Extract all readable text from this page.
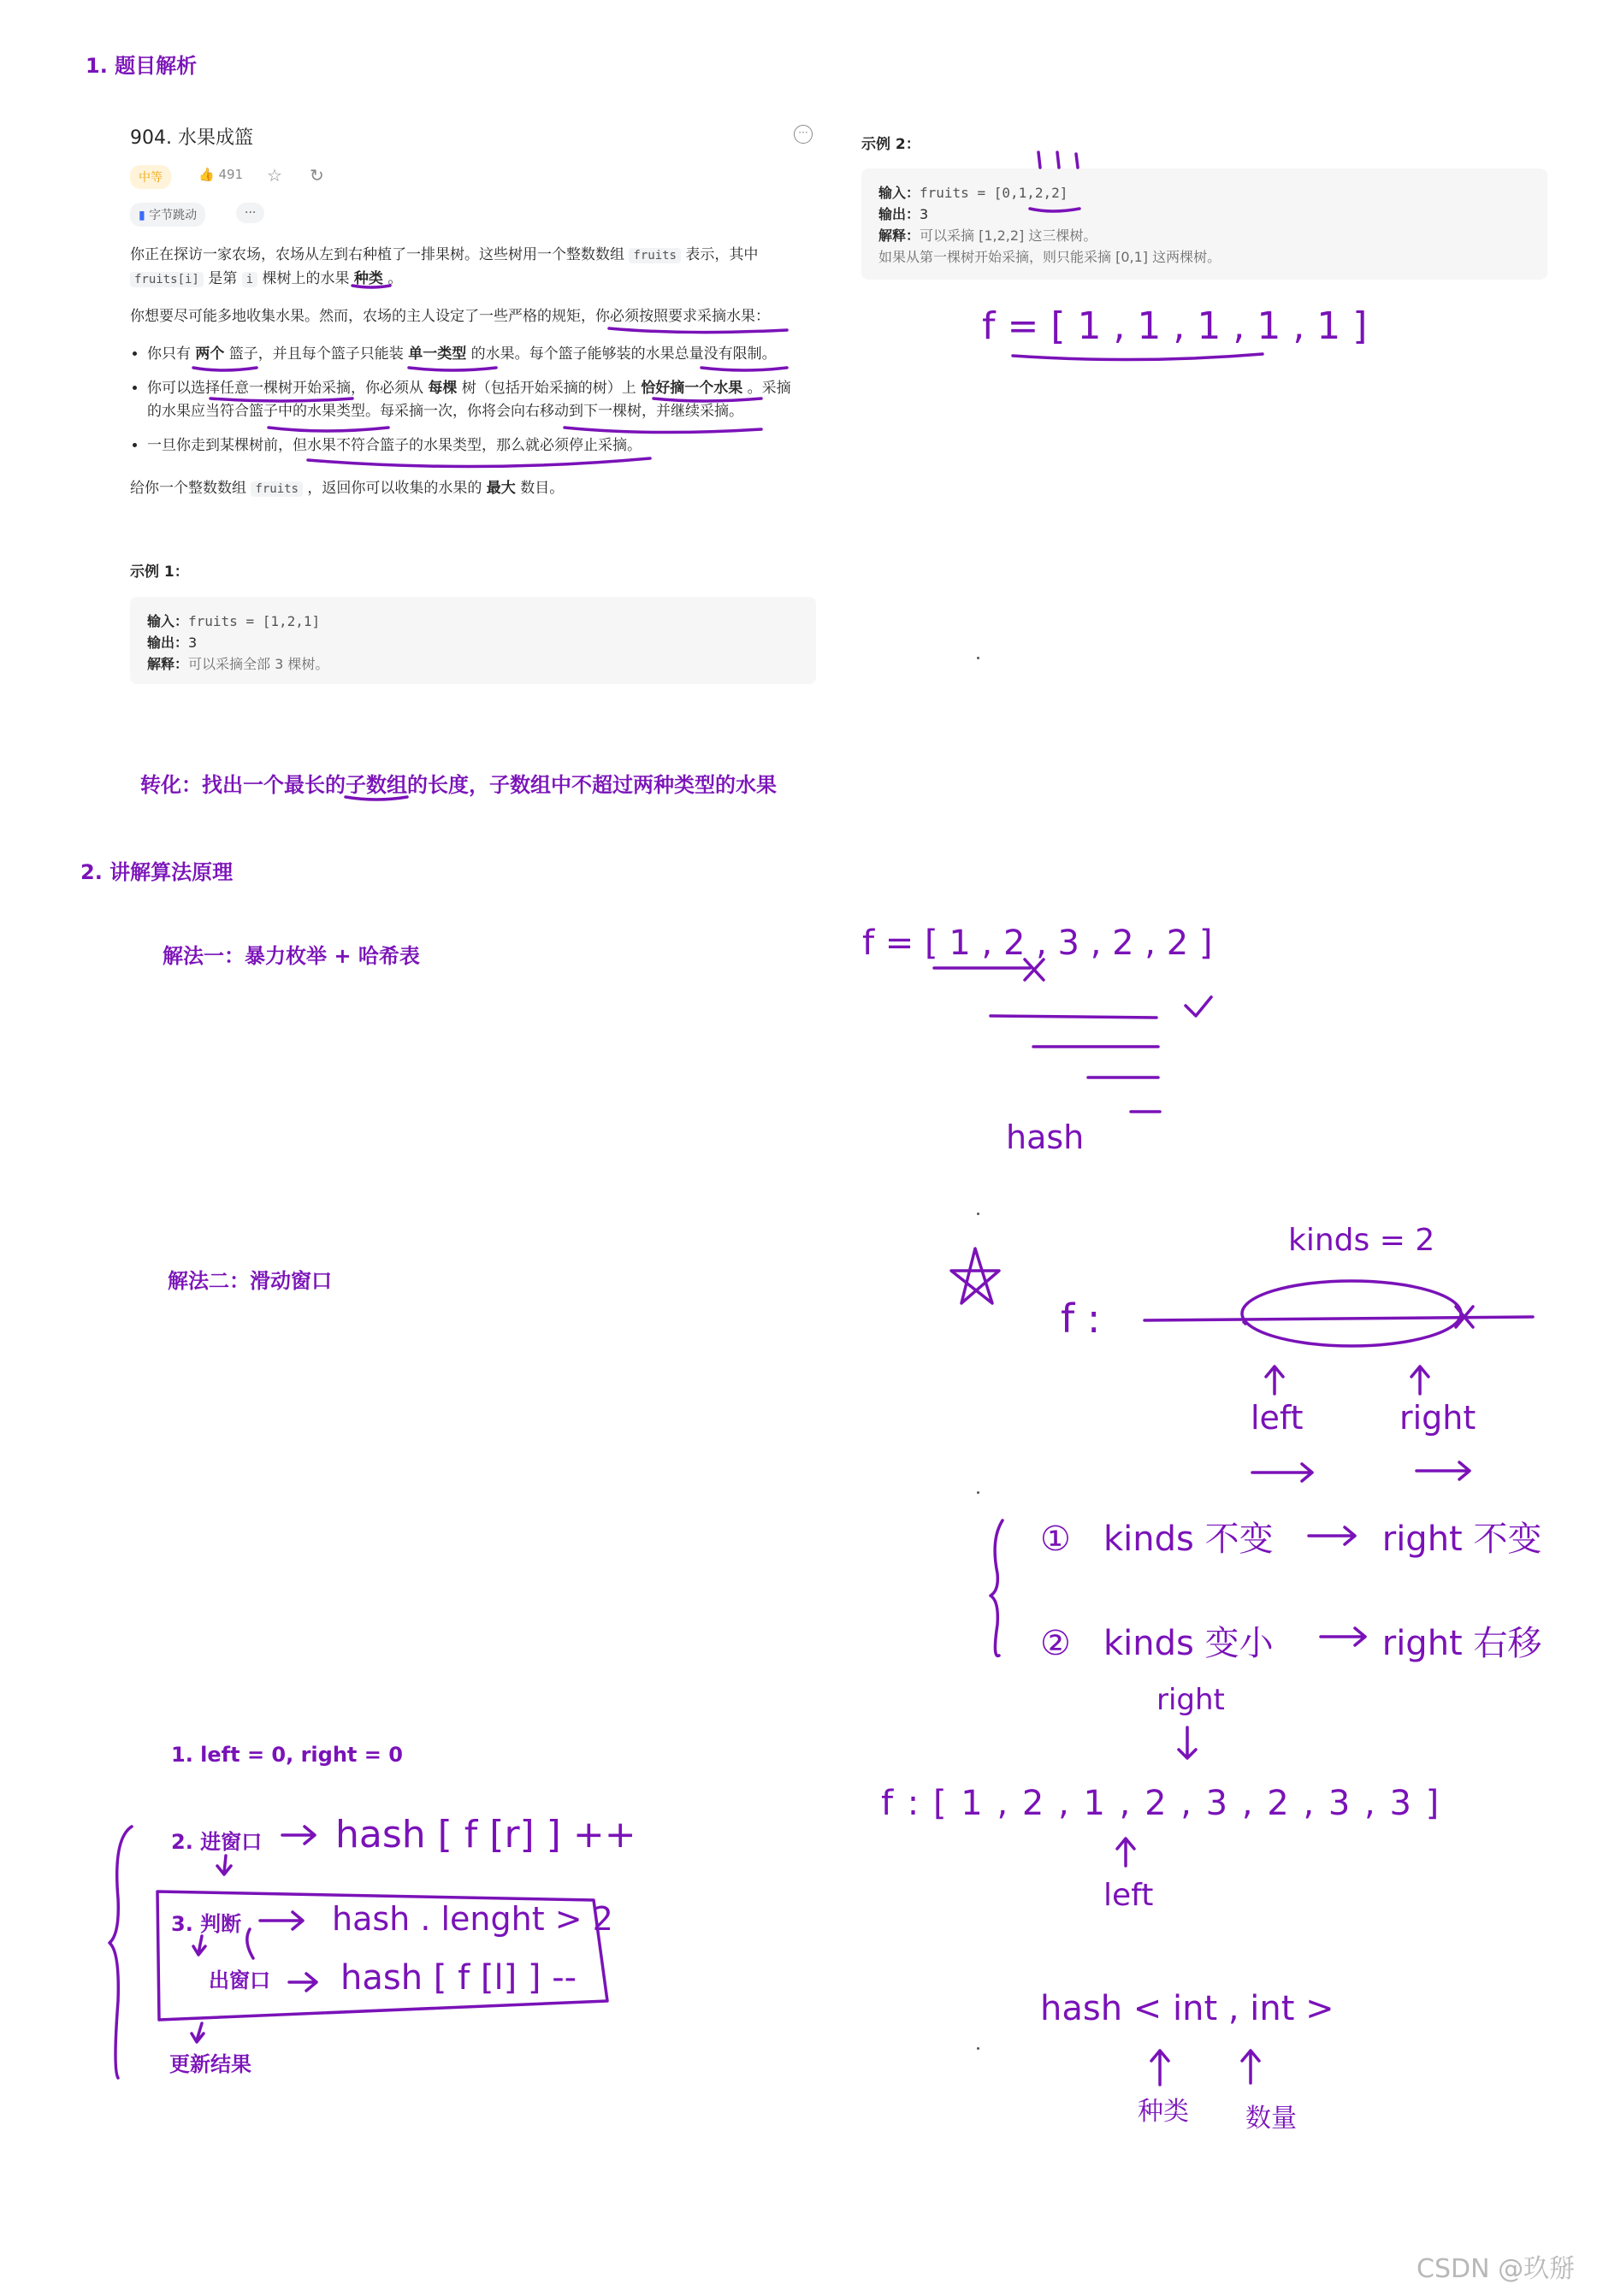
1. 题目解析
904. 水果成篮	···
中等	👍 491 ☆ ↻
▮ 字节跳动	···
你正在探访一家农场，农场从左到右种植了一排果树。这些树用一个整数数组 fruits 表示，其中 fruits[i] 是第 i 棵树上的水果 种类 。
你想要尽可能多地收集水果。然而，农场的主人设定了一些严格的规矩，你必须按照要求采摘水果：
• 你只有 两个 篮子，并且每个篮子只能装 单一类型 的水果。每个篮子能够装的水果总量没有限制。
• 你可以选择任意一棵树开始采摘，你必须从 每棵 树（包括开始采摘的树）上 恰好摘一个水果 。采摘的水果应当符合篮子中的水果类型。每采摘一次，你将会向右移动到下一棵树，并继续采摘。
• 一旦你走到某棵树前，但水果不符合篮子的水果类型，那么就必须停止采摘。
给你一个整数数组 fruits ，返回你可以收集的水果的 最大 数目。
示例 1：
输入：fruits = [1,2,1]
输出：3
解释：可以采摘全部 3 棵树。
示例 2：
输入：fruits = [0,1,2,2]
输出：3
解释：可以采摘 [1,2,2] 这三棵树。
如果从第一棵树开始采摘，则只能采摘 [0,1] 这两棵树。
转化：找出一个最长的子数组的长度，子数组中不超过两种类型的水果
2. 讲解算法原理
解法一：暴力枚举 + 哈希表
解法二：滑动窗口
1. left = 0, right = 0
2. 进窗口
3. 判断
出窗口
更新结果
f = [ 1 , 1 , 1 , 1 , 1 ]
f = [ 1 , 2 , 3 , 2 , 2 ]
hash
kinds = 2
f :
left	right
① kinds 不变	right 不变
② kinds 变小	right 右移
right
f : [ 1 , 2 , 1 , 2 , 3 , 2 , 3 , 3 ]
left
hash < int , int >
种类 数量
hash [ f [r] ] ++
hash . lenght > 2
hash [ f [l] ] --
CSDN @玖掰
